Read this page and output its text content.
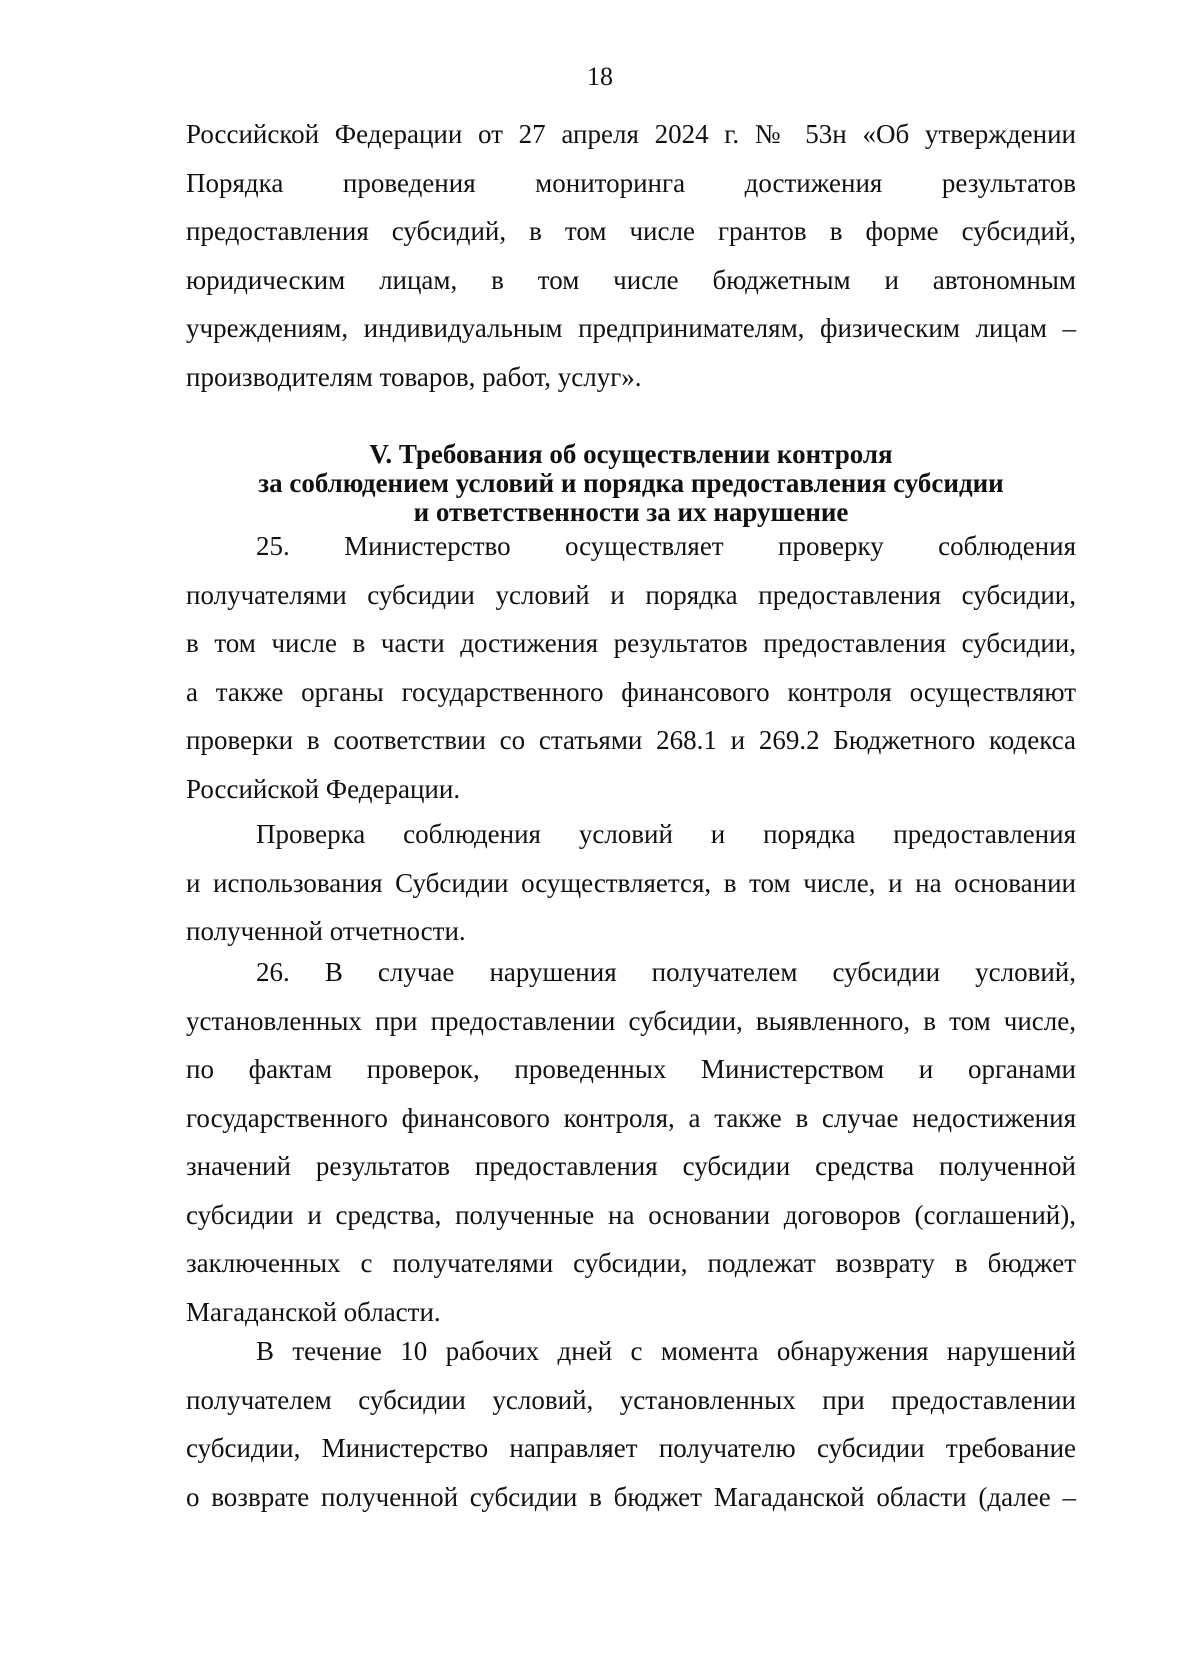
18

Российской Федерации от 27 апреля 2024 г. № 53н «Об утверждении
Порядка проведения мониторинга достижения результатов
предоставления субсидий, в том числе грантов в форме субсидий,
юридическим лицам, в том числе бюджетным и автономным
учреждениям, индивидуальным предпринимателям, физическим лицам –
производителям товаров, работ, услуг».

V. Требования об осуществлении контроля
за соблюдением условий и порядка предоставления субсидии
и ответственности за их нарушение

25. Министерство осуществляет проверку соблюдения
получателями субсидии условий и порядка предоставления субсидии,
в том числе в части достижения результатов предоставления субсидии,
а также органы государственного финансового контроля осуществляют
проверки в соответствии со статьями 268.1 и 269.2 Бюджетного кодекса
Российской Федерации.

Проверка соблюдения условий и порядка предоставления
и использования Субсидии осуществляется, в том числе, и на основании
полученной отчетности.

26. В случае нарушения получателем субсидии условий,
установленных при предоставлении субсидии, выявленного, в том числе,
по фактам проверок, проведенных Министерством и органами
государственного финансового контроля, а также в случае недостижения
значений результатов предоставления субсидии средства полученной
субсидии и средства, полученные на основании договоров (соглашений),
заключенных с получателями субсидии, подлежат возврату в бюджет
Магаданской области.

В течение 10 рабочих дней с момента обнаружения нарушений
получателем субсидии условий, установленных при предоставлении
субсидии, Министерство направляет получателю субсидии требование
о возврате полученной субсидии в бюджет Магаданской области (далее –
